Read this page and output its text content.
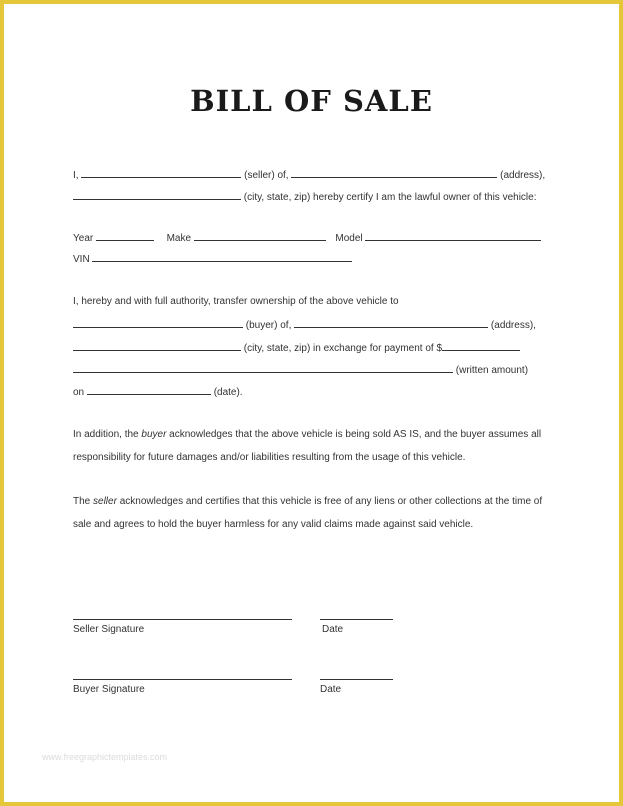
BILL OF SALE
I,	(seller) of,	(address),
(city, state, zip) hereby certify I am the lawful owner of this vehicle:
Year	Make	Model
VIN
I, hereby and with full authority, transfer ownership of the above vehicle to
(buyer) of,	(address),
(city, state, zip) in exchange for payment of $
(written amount)
on	(date).
In addition, the buyer acknowledges that the above vehicle is being sold AS IS, and the buyer assumes all responsibility for future damages and/or liabilities resulting from the usage of this vehicle.
The seller acknowledges and certifies that this vehicle is free of any liens or other collections at the time of sale and agrees to hold the buyer harmless for any valid claims made against said vehicle.
Seller Signature	Date
Buyer Signature	Date
www.freegraphictemplates.com
